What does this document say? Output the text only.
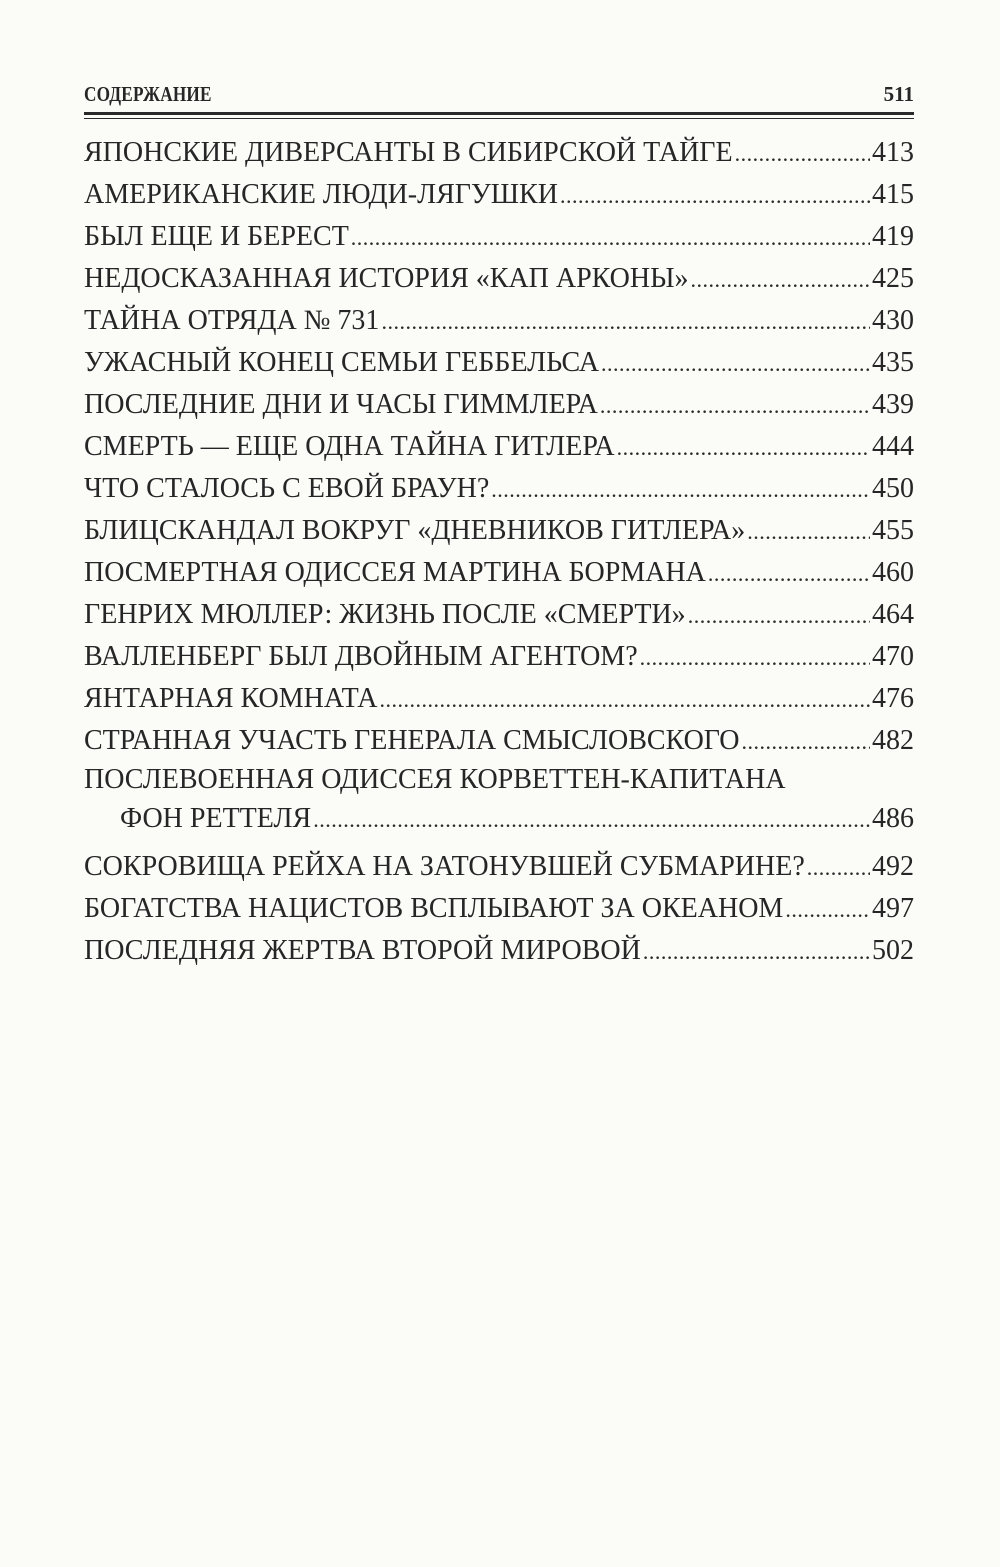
СОДЕРЖАНИЕ	511
ЯПОНСКИЕ ДИВЕРСАНТЫ В СИБИРСКОЙ ТАЙГЕ .....	413
АМЕРИКАНСКИЕ ЛЮДИ-ЛЯГУШКИ .....	415
БЫЛ ЕЩЕ И БЕРЕСТ .....	419
НЕДОСКАЗАННАЯ ИСТОРИЯ «КАП АРКОНЫ» .....	425
ТАЙНА ОТРЯДА № 731 .....	430
УЖАСНЫЙ КОНЕЦ СЕМЬИ ГЕББЕЛЬСА .....	435
ПОСЛЕДНИЕ ДНИ И ЧАСЫ ГИММЛЕРА .....	439
СМЕРТЬ — ЕЩЕ ОДНА ТАЙНА ГИТЛЕРА .....	444
ЧТО СТАЛОСЬ С ЕВОЙ БРАУН? .....	450
БЛИЦСКАНДАЛ ВОКРУГ «ДНЕВНИКОВ ГИТЛЕРА» .....	455
ПОСМЕРТНАЯ ОДИССЕЯ МАРТИНА БОРМАНА .....	460
ГЕНРИХ МЮЛЛЕР: ЖИЗНЬ ПОСЛЕ «СМЕРТИ» .....	464
ВАЛЛЕНБЕРГ БЫЛ ДВОЙНЫМ АГЕНТОМ? .....	470
ЯНТАРНАЯ КОМНАТА .....	476
СТРАННАЯ УЧАСТЬ ГЕНЕРАЛА СМЫСЛОВСКОГО .....	482
ПОСЛЕВОЕННАЯ ОДИССЕЯ КОРВЕТТЕН-КАПИТАНА
ФОН РЕТТЕЛЯ .....	486
СОКРОВИЩА РЕЙХА НА ЗАТОНУВШЕЙ СУБМАРИНЕ? ..... 492
БОГАТСТВА НАЦИСТОВ ВСПЛЫВАЮТ ЗА ОКЕАНОМ .....	497
ПОСЛЕДНЯЯ ЖЕРТВА ВТОРОЙ МИРОВОЙ .....	502
